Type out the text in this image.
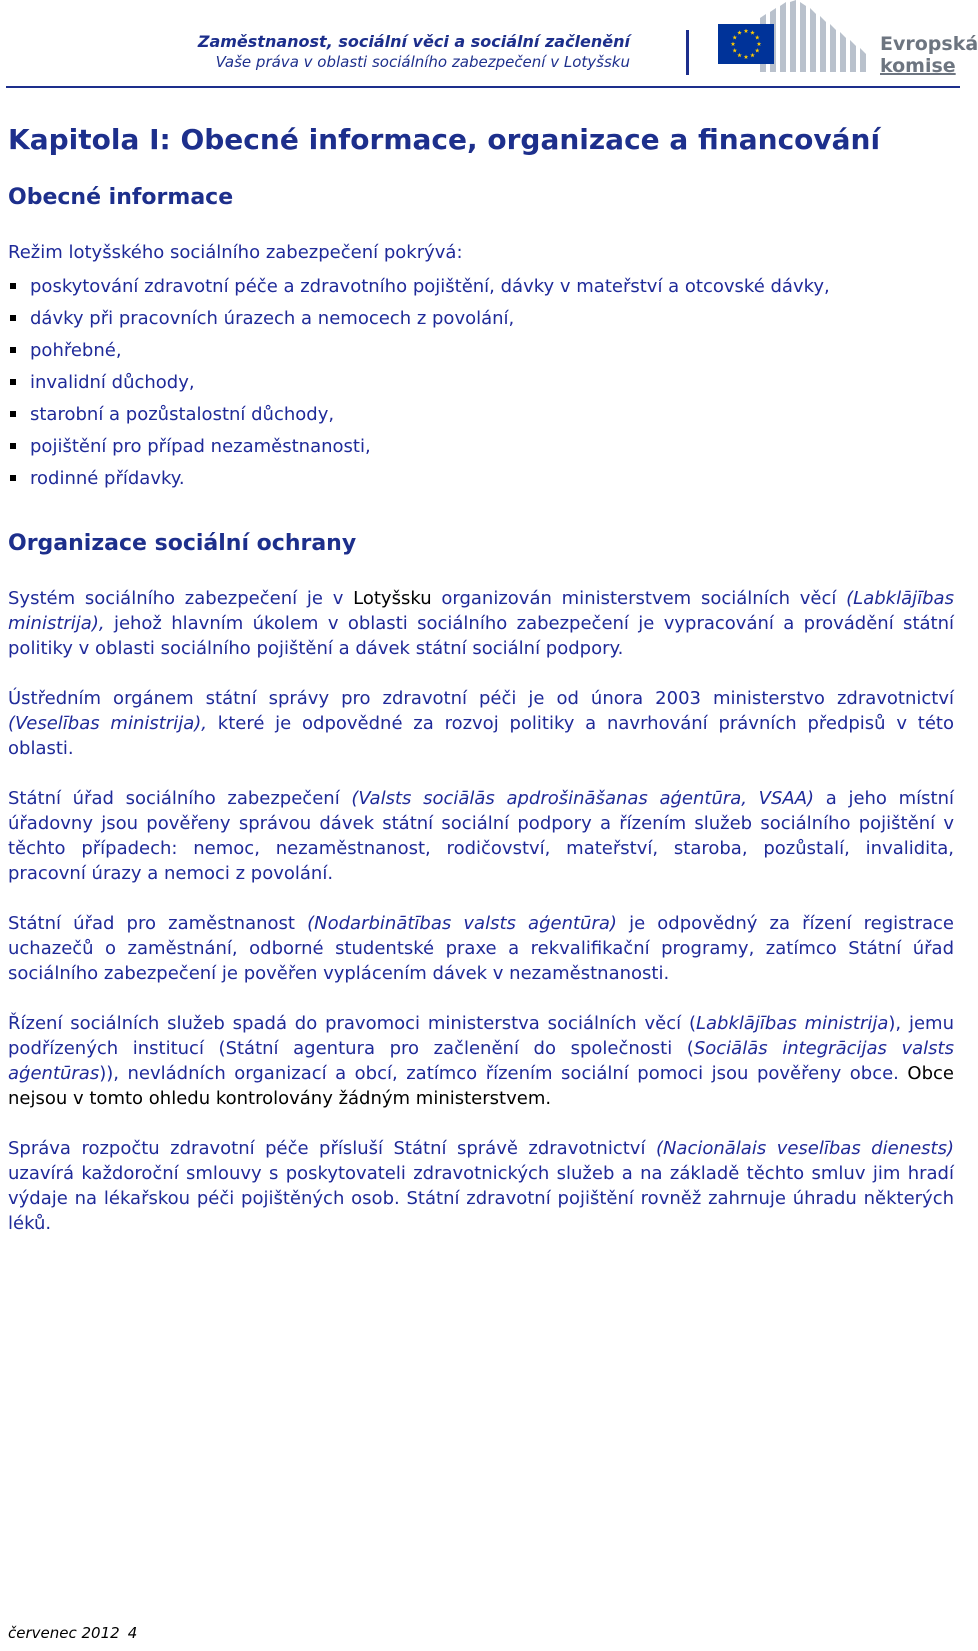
Zaměstnanost, sociální věci a sociální začlenění
Vaše práva v oblasti sociálního zabezpečení v Lotyšsku
Evropská
komise
Kapitola I: Obecné informace, organizace a financování
Obecné informace
Režim lotyšského sociálního zabezpečení pokrývá:
poskytování zdravotní péče a zdravotního pojištění, dávky v mateřství a otcovské dávky,
dávky při pracovních úrazech a nemocech z povolání,
pohřebné,
invalidní důchody,
starobní a pozůstalostní důchody,
pojištění pro případ nezaměstnanosti,
rodinné přídavky.
Organizace sociální ochrany

Systém sociálního zabezpečení je v Lotyšsku organizován ministerstvem sociálních věcí (Labklājības ministrija), jehož hlavním úkolem v oblasti sociálního zabezpečení je vypracování a provádění státní politiky v oblasti sociálního pojištění a dávek státní sociální podpory.

Ústředním orgánem státní správy pro zdravotní péči je od února 2003 ministerstvo zdravotnictví (Veselības ministrija), které je odpovědné za rozvoj politiky a navrhování právních předpisů v této oblasti.

Státní úřad sociálního zabezpečení (Valsts sociālās apdrošināšanas aģentūra, VSAA) a jeho místní úřadovny jsou pověřeny správou dávek státní sociální podpory a řízením služeb sociálního pojištění v těchto případech: nemoc, nezaměstnanost, rodičovství, mateřství, staroba, pozůstalí, invalidita, pracovní úrazy a nemoci z povolání.

Státní úřad pro zaměstnanost (Nodarbinātības valsts aģentūra) je odpovědný za řízení registrace uchazečů o zaměstnání, odborné studentské praxe a rekvalifikační programy, zatímco Státní úřad sociálního zabezpečení je pověřen vyplácením dávek v nezaměstnanosti.

Řízení sociálních služeb spadá do pravomoci ministerstva sociálních věcí (Labklājības ministrija), jemu podřízených institucí (Státní agentura pro začlenění do společnosti (Sociālās integrācijas valsts aģentūras)), nevládních organizací a obcí, zatímco řízením sociální pomoci jsou pověřeny obce. Obce nejsou v tomto ohledu kontrolovány žádným ministerstvem.

Správa rozpočtu zdravotní péče přísluší Státní správě zdravotnictví (Nacionālais veselības dienests) uzavírá každoroční smlouvy s poskytovateli zdravotnických služeb a na základě těchto smluv jim hradí výdaje na lékařskou péči pojištěných osob. Státní zdravotní pojištění rovněž zahrnuje úhradu některých léků.

červenec 2012 4
